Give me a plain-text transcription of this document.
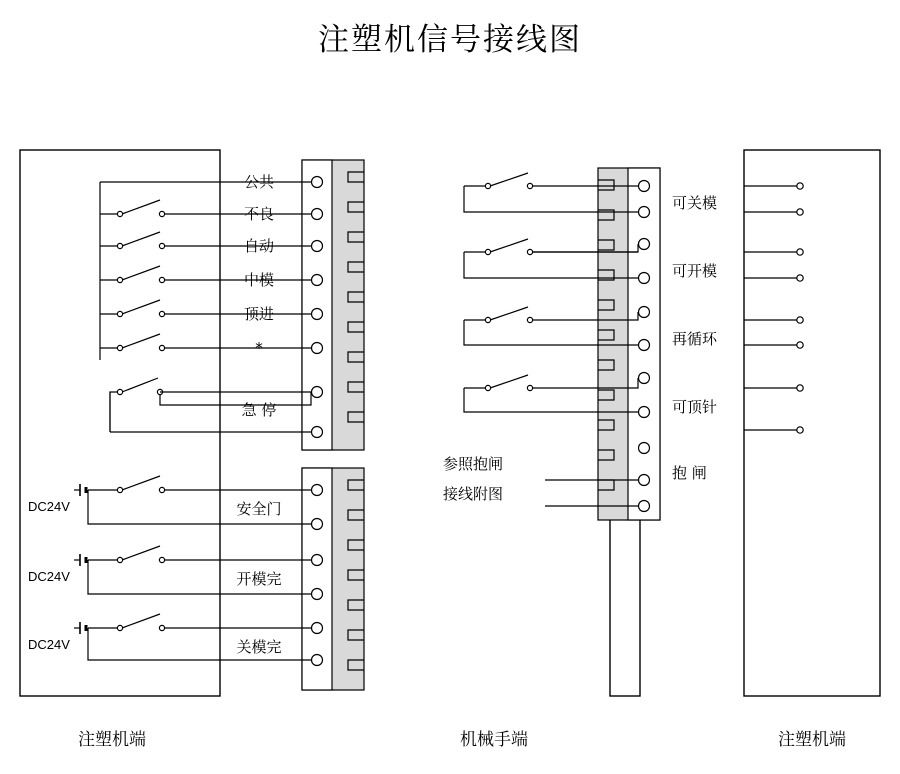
注塑机信号接线图
公共
不良
自动
中模
顶进
*
急 停
安全门
开模完
关模完
DC24V
DC24V
DC24V
可关模
可开模
再循环
可顶针
抱 闸
参照抱闸
接线附图
注塑机端	机械手端	注塑机端
